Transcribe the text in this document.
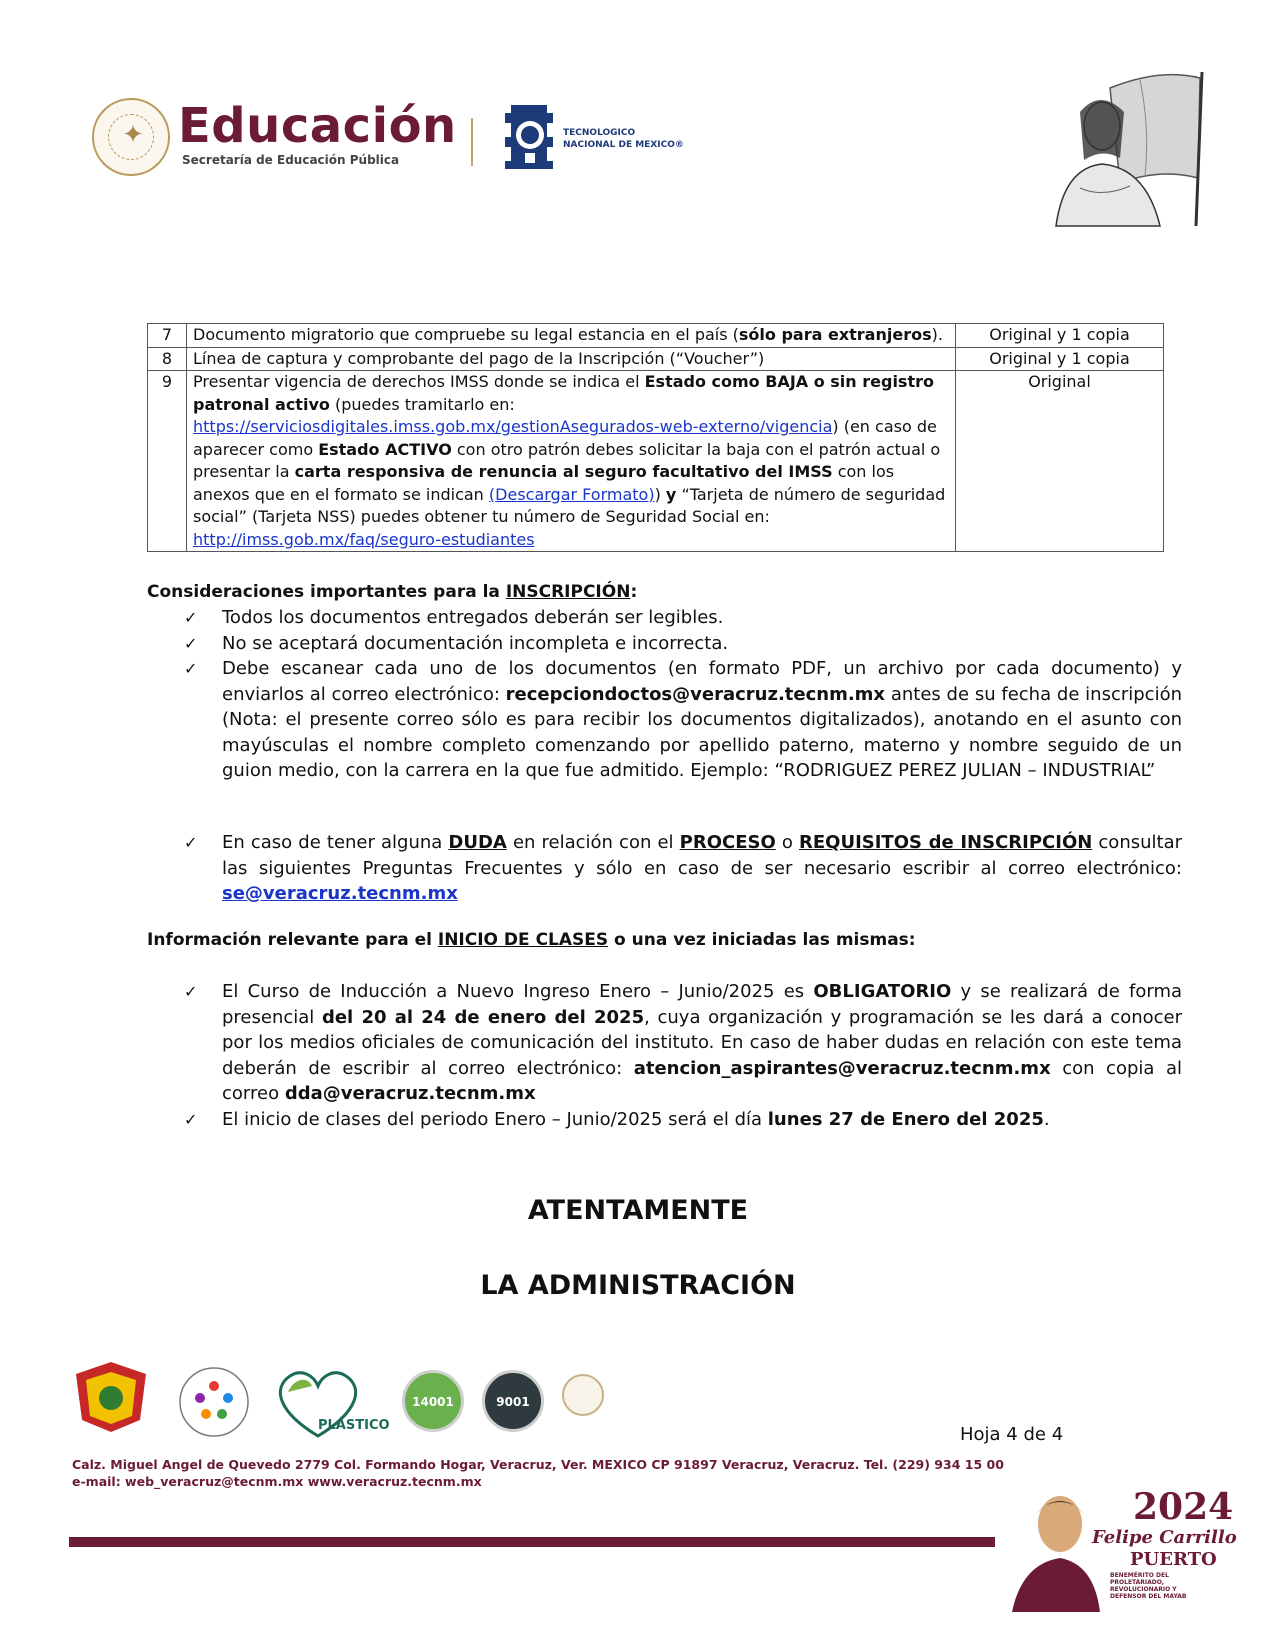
✦ Educación
Secretaría de Educación Pública
TECNOLOGICO
NACIONAL DE MEXICO®
7	Documento migratorio que compruebe su legal estancia en el país (sólo para extranjeros).	Original y 1 copia
8	Línea de captura y comprobante del pago de la Inscripción (“Voucher”)	Original y 1 copia
9	Presentar vigencia de derechos IMSS donde se indica el Estado como BAJA o sin registro patronal activo (puedes tramitarlo en: https://serviciosdigitales.imss.gob.mx/gestionAsegurados-web-externo/vigencia) (en caso de aparecer como Estado ACTIVO con otro patrón debes solicitar la baja con el patrón actual o presentar la carta responsiva de renuncia al seguro facultativo del IMSS con los anexos que en el formato se indican (Descargar Formato)) y “Tarjeta de número de seguridad social” (Tarjeta NSS) puedes obtener tu número de Seguridad Social en: http://imss.gob.mx/faq/seguro-estudiantes	Original
Consideraciones importantes para la INSCRIPCIÓN:
✓	Todos los documentos entregados deberán ser legibles.
✓	No se aceptará documentación incompleta e incorrecta.
✓	Debe escanear cada uno de los documentos (en formato PDF, un archivo por cada documento) y enviarlos al correo electrónico: recepciondoctos@veracruz.tecnm.mx antes de su fecha de inscripción (Nota: el presente correo sólo es para recibir los documentos digitalizados), anotando en el asunto con mayúsculas el nombre completo comenzando por apellido paterno, materno y nombre seguido de un guion medio, con la carrera en la que fue admitido. Ejemplo: “RODRIGUEZ PEREZ JULIAN – INDUSTRIAL”
✓	En caso de tener alguna DUDA en relación con el PROCESO o REQUISITOS de INSCRIPCIÓN consultar las siguientes Preguntas Frecuentes y sólo en caso de ser necesario escribir al correo electrónico: se@veracruz.tecnm.mx
Información relevante para el INICIO DE CLASES o una vez iniciadas las mismas:
✓	El Curso de Inducción a Nuevo Ingreso Enero – Junio/2025 es OBLIGATORIO y se realizará de forma presencial del 20 al 24 de enero del 2025, cuya organización y programación se les dará a conocer por los medios oficiales de comunicación del instituto. En caso de haber dudas en relación con este tema deberán de escribir al correo electrónico: atencion_aspirantes@veracruz.tecnm.mx con copia al correo dda@veracruz.tecnm.mx
✓	El inicio de clases del periodo Enero – Junio/2025 será el día lunes 27 de Enero del 2025.
ATENTAMENTE
LA ADMINISTRACIÓN
PLÁSTICO
14001	9001
Hoja 4 de 4
Calz. Miguel Angel de Quevedo 2779 Col. Formando Hogar, Veracruz, Ver. MEXICO CP 91897 Veracruz, Veracruz. Tel. (229) 934 15 00
e-mail: web_veracruz@tecnm.mx www.veracruz.tecnm.mx
2024
Felipe Carrillo
PUERTO
BENEMÉRITO DEL PROLETARIADO, REVOLUCIONARIO Y DEFENSOR DEL MAYAB
